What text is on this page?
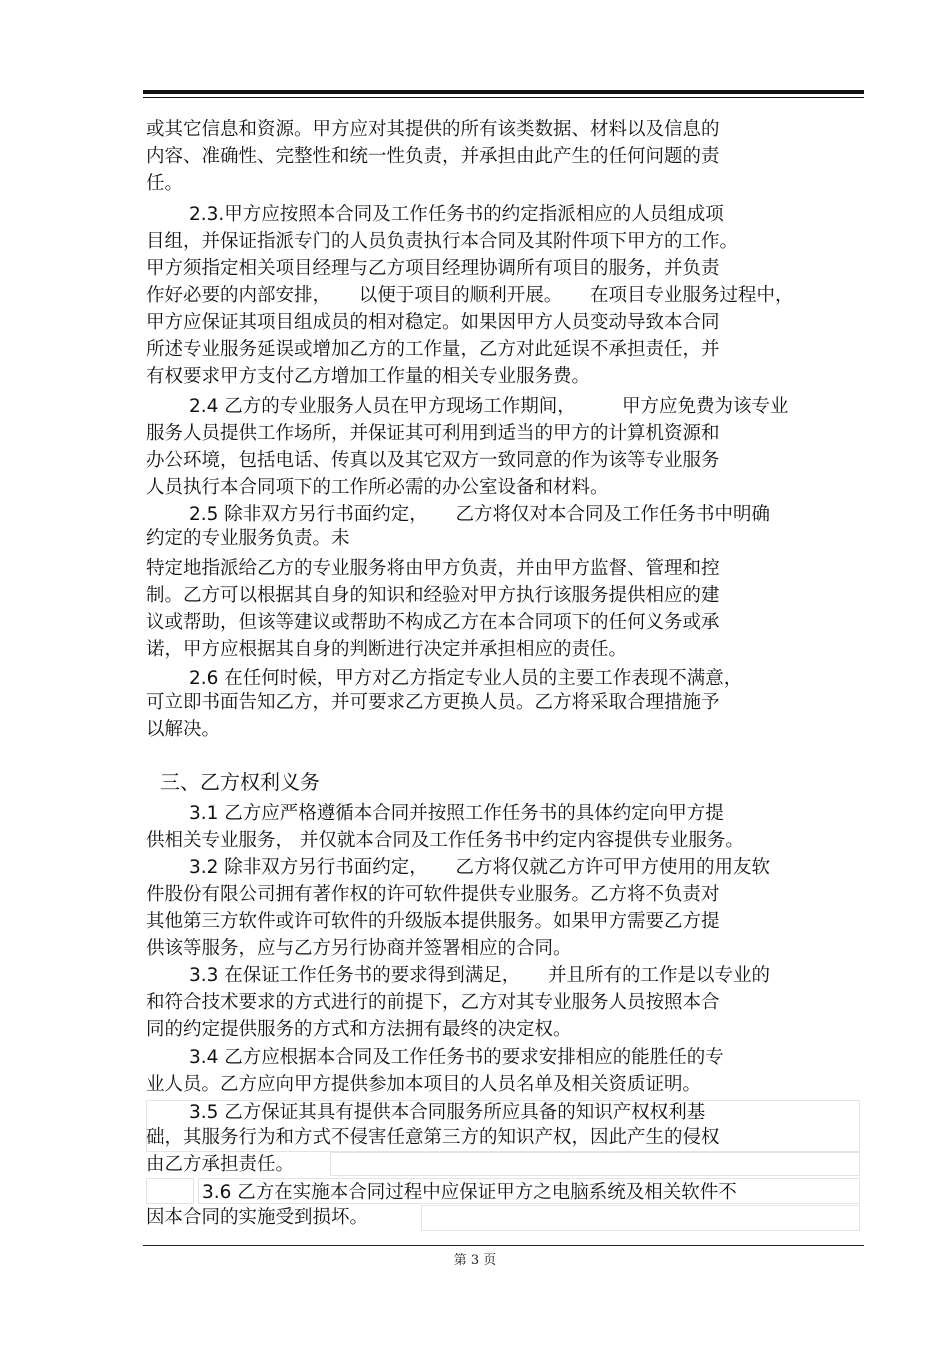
或其它信息和资源。甲方应对其提供的所有该类数据、材料以及信息的
内容、准确性、完整性和统一性负责，并承担由此产生的任何问题的责
任。
2.3.甲方应按照本合同及工作任务书的约定指派相应的人员组成项
目组，并保证指派专门的人员负责执行本合同及其附件项下甲方的工作。
甲方须指定相关项目经理与乙方项目经理协调所有项目的服务，并负责
作好必要的内部安排，　　以便于项目的顺利开展。　　在项目专业服务过程中，
甲方应保证其项目组成员的相对稳定。如果因甲方人员变动导致本合同
所述专业服务延误或增加乙方的工作量，乙方对此延误不承担责任，并
有权要求甲方支付乙方增加工作量的相关专业服务费。
2.4 乙方的专业服务人员在甲方现场工作期间，　　　甲方应免费为该专业
服务人员提供工作场所，并保证其可利用到适当的甲方的计算机资源和
办公环境，包括电话、传真以及其它双方一致同意的作为该等专业服务
人员执行本合同项下的工作所必需的办公室设备和材料。
2.5 除非双方另行书面约定，　　乙方将仅对本合同及工作任务书中明确
约定的专业服务负责。未
特定地指派给乙方的专业服务将由甲方负责，并由甲方监督、管理和控
制。乙方可以根据其自身的知识和经验对甲方执行该服务提供相应的建
议或帮助，但该等建议或帮助不构成乙方在本合同项下的任何义务或承
诺，甲方应根据其自身的判断进行决定并承担相应的责任。
2.6 在任何时候，甲方对乙方指定专业人员的主要工作表现不满意，
可立即书面告知乙方，并可要求乙方更换人员。乙方将采取合理措施予
以解决。
三、乙方权利义务
3.1 乙方应严格遵循本合同并按照工作任务书的具体约定向甲方提
供相关专业服务， 并仅就本合同及工作任务书中约定内容提供专业服务。
3.2 除非双方另行书面约定，　　乙方将仅就乙方许可甲方使用的用友软
件股份有限公司拥有著作权的许可软件提供专业服务。乙方将不负责对
其他第三方软件或许可软件的升级版本提供服务。如果甲方需要乙方提
供该等服务，应与乙方另行协商并签署相应的合同。
3.3 在保证工作任务书的要求得到满足，　　并且所有的工作是以专业的
和符合技术要求的方式进行的前提下，乙方对其专业服务人员按照本合
同的约定提供服务的方式和方法拥有最终的决定权。
3.4 乙方应根据本合同及工作任务书的要求安排相应的能胜任的专
业人员。乙方应向甲方提供参加本项目的人员名单及相关资质证明。
3.5 乙方保证其具有提供本合同服务所应具备的知识产权权利基
础，其服务行为和方式不侵害任意第三方的知识产权，因此产生的侵权
由乙方承担责任。
3.6 乙方在实施本合同过程中应保证甲方之电脑系统及相关软件不
因本合同的实施受到损坏。
第 3 页
